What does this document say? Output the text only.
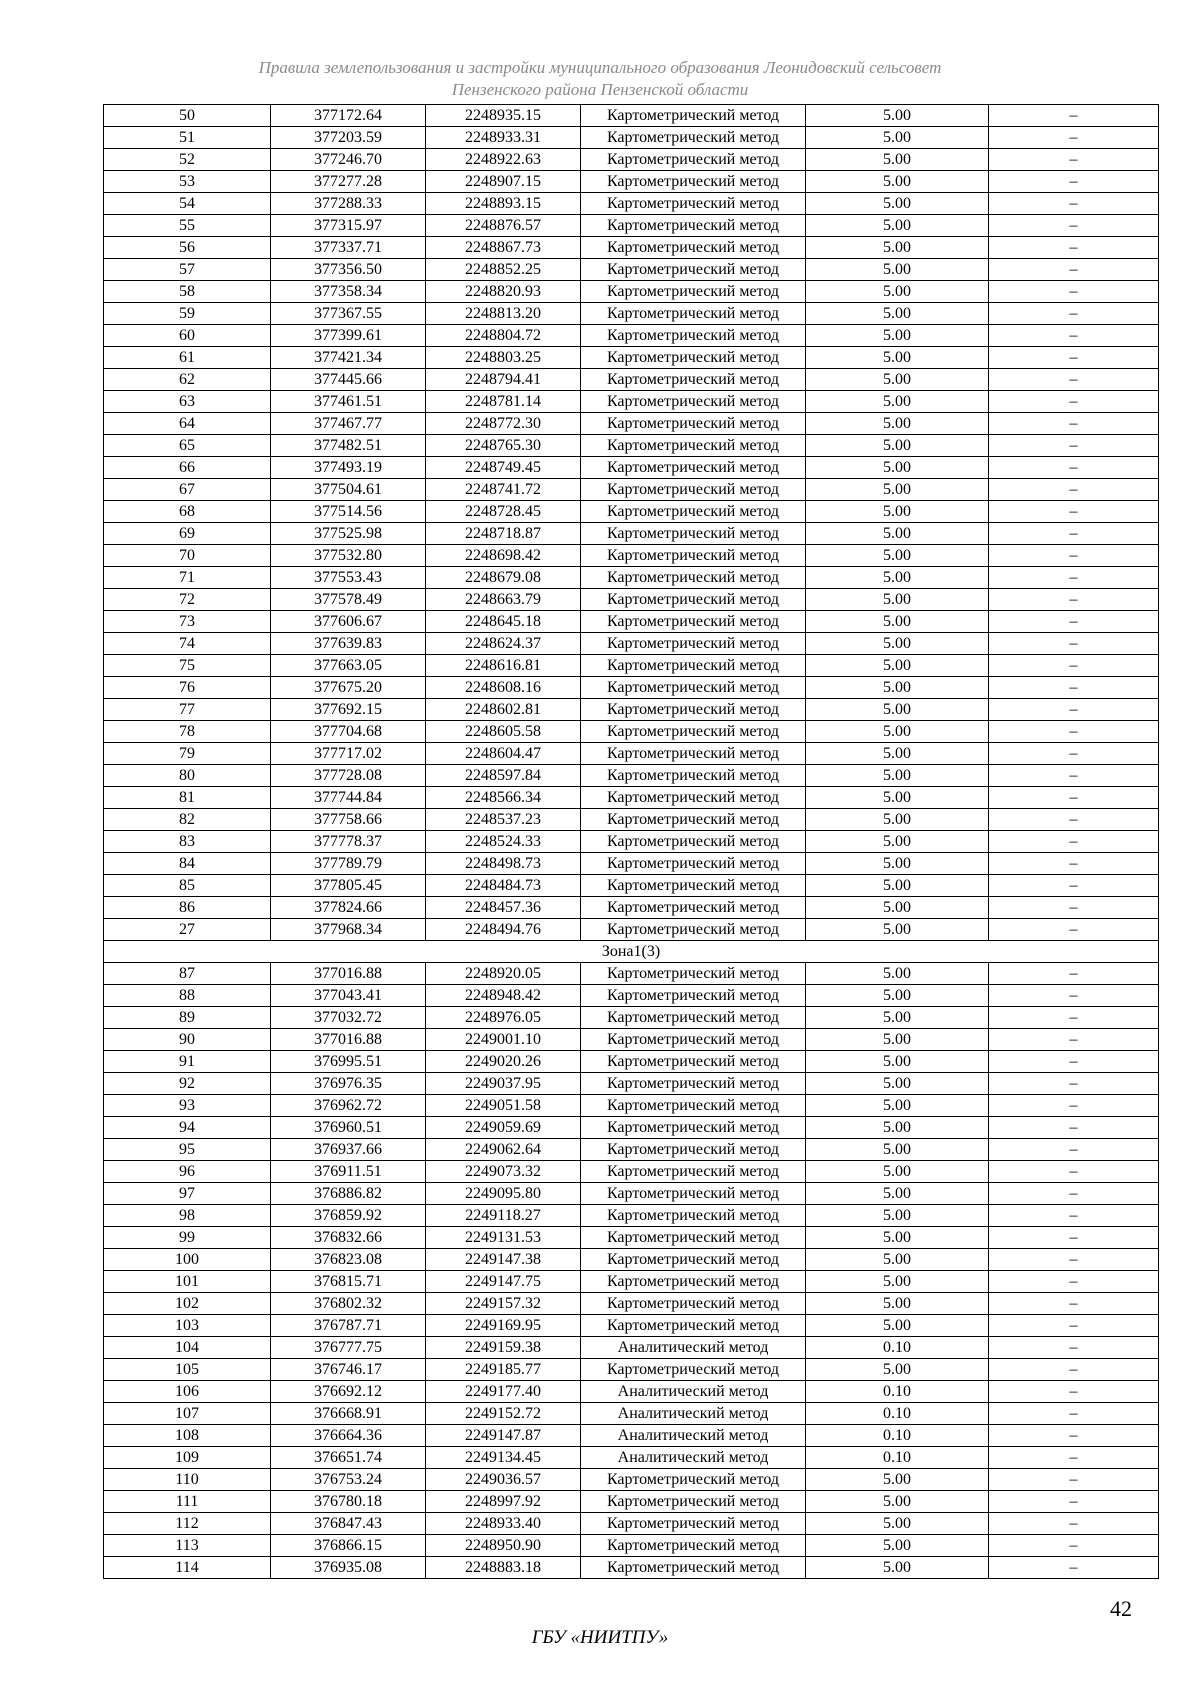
Правила землепользования и застройки муниципального образования Леонидовский сельсовет
Пензенского района Пензенской области
50	377172.64	2248935.15	Картометрический метод	5.00	–
51	377203.59	2248933.31	Картометрический метод	5.00	–
52	377246.70	2248922.63	Картометрический метод	5.00	–
53	377277.28	2248907.15	Картометрический метод	5.00	–
54	377288.33	2248893.15	Картометрический метод	5.00	–
55	377315.97	2248876.57	Картометрический метод	5.00	–
56	377337.71	2248867.73	Картометрический метод	5.00	–
57	377356.50	2248852.25	Картометрический метод	5.00	–
58	377358.34	2248820.93	Картометрический метод	5.00	–
59	377367.55	2248813.20	Картометрический метод	5.00	–
60	377399.61	2248804.72	Картометрический метод	5.00	–
61	377421.34	2248803.25	Картометрический метод	5.00	–
62	377445.66	2248794.41	Картометрический метод	5.00	–
63	377461.51	2248781.14	Картометрический метод	5.00	–
64	377467.77	2248772.30	Картометрический метод	5.00	–
65	377482.51	2248765.30	Картометрический метод	5.00	–
66	377493.19	2248749.45	Картометрический метод	5.00	–
67	377504.61	2248741.72	Картометрический метод	5.00	–
68	377514.56	2248728.45	Картометрический метод	5.00	–
69	377525.98	2248718.87	Картометрический метод	5.00	–
70	377532.80	2248698.42	Картометрический метод	5.00	–
71	377553.43	2248679.08	Картометрический метод	5.00	–
72	377578.49	2248663.79	Картометрический метод	5.00	–
73	377606.67	2248645.18	Картометрический метод	5.00	–
74	377639.83	2248624.37	Картометрический метод	5.00	–
75	377663.05	2248616.81	Картометрический метод	5.00	–
76	377675.20	2248608.16	Картометрический метод	5.00	–
77	377692.15	2248602.81	Картометрический метод	5.00	–
78	377704.68	2248605.58	Картометрический метод	5.00	–
79	377717.02	2248604.47	Картометрический метод	5.00	–
80	377728.08	2248597.84	Картометрический метод	5.00	–
81	377744.84	2248566.34	Картометрический метод	5.00	–
82	377758.66	2248537.23	Картометрический метод	5.00	–
83	377778.37	2248524.33	Картометрический метод	5.00	–
84	377789.79	2248498.73	Картометрический метод	5.00	–
85	377805.45	2248484.73	Картометрический метод	5.00	–
86	377824.66	2248457.36	Картометрический метод	5.00	–
27	377968.34	2248494.76	Картометрический метод	5.00	–
Зона1(3)					
87	377016.88	2248920.05	Картометрический метод	5.00	–
88	377043.41	2248948.42	Картометрический метод	5.00	–
89	377032.72	2248976.05	Картометрический метод	5.00	–
90	377016.88	2249001.10	Картометрический метод	5.00	–
91	376995.51	2249020.26	Картометрический метод	5.00	–
92	376976.35	2249037.95	Картометрический метод	5.00	–
93	376962.72	2249051.58	Картометрический метод	5.00	–
94	376960.51	2249059.69	Картометрический метод	5.00	–
95	376937.66	2249062.64	Картометрический метод	5.00	–
96	376911.51	2249073.32	Картометрический метод	5.00	–
97	376886.82	2249095.80	Картометрический метод	5.00	–
98	376859.92	2249118.27	Картометрический метод	5.00	–
99	376832.66	2249131.53	Картометрический метод	5.00	–
100	376823.08	2249147.38	Картометрический метод	5.00	–
101	376815.71	2249147.75	Картометрический метод	5.00	–
102	376802.32	2249157.32	Картометрический метод	5.00	–
103	376787.71	2249169.95	Картометрический метод	5.00	–
104	376777.75	2249159.38	Аналитический метод	0.10	–
105	376746.17	2249185.77	Картометрический метод	5.00	–
106	376692.12	2249177.40	Аналитический метод	0.10	–
107	376668.91	2249152.72	Аналитический метод	0.10	–
108	376664.36	2249147.87	Аналитический метод	0.10	–
109	376651.74	2249134.45	Аналитический метод	0.10	–
110	376753.24	2249036.57	Картометрический метод	5.00	–
111	376780.18	2248997.92	Картометрический метод	5.00	–
112	376847.43	2248933.40	Картометрический метод	5.00	–
113	376866.15	2248950.90	Картометрический метод	5.00	–
114	376935.08	2248883.18	Картометрический метод	5.00	–
42
ГБУ «НИИТПУ»
